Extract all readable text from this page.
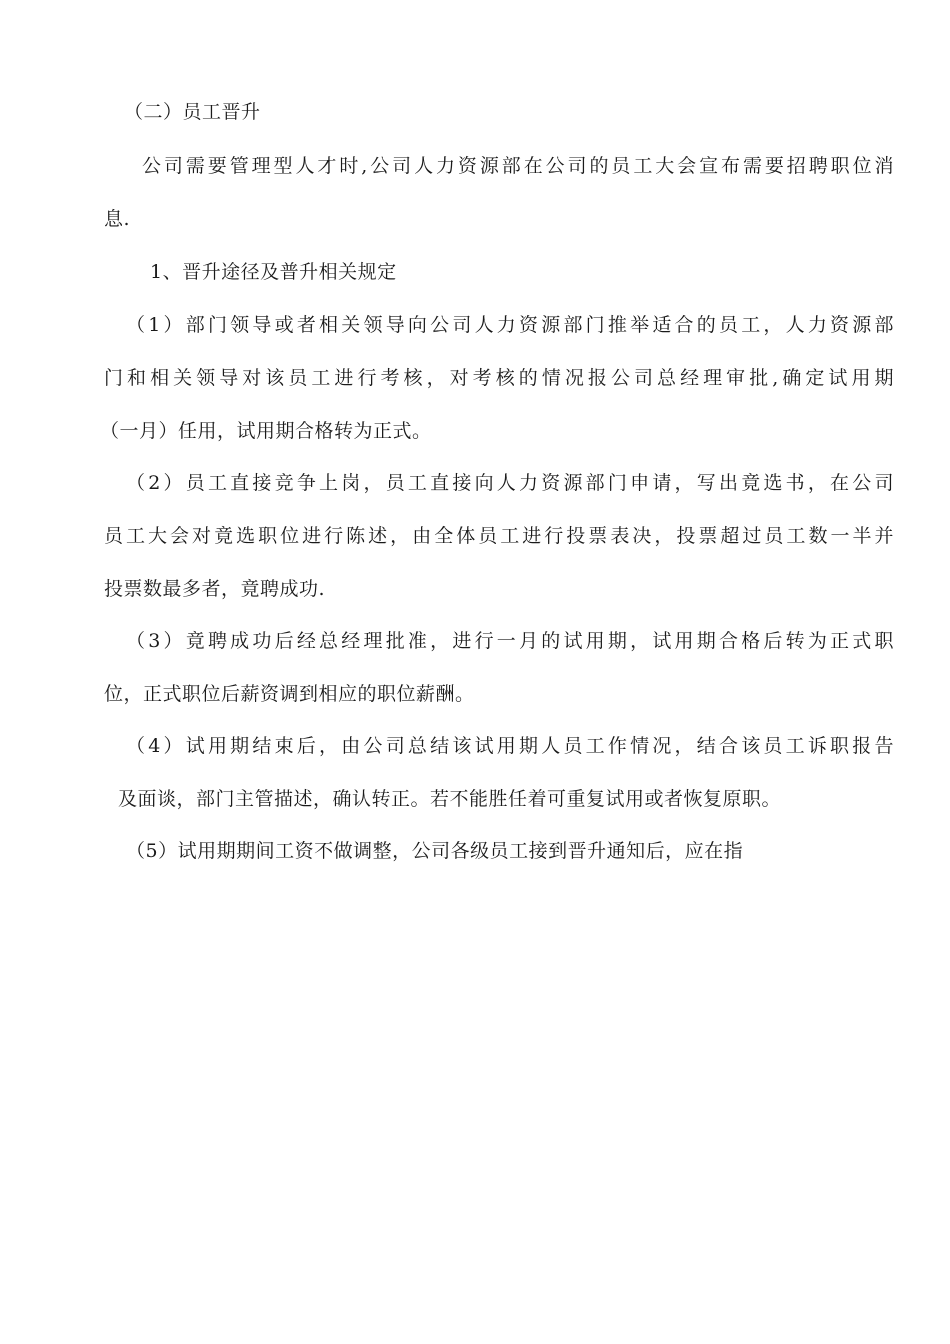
（二）员工晋升

公司需要管理型人才时,公司人力资源部在公司的员工大会宣布需要招聘职位消
息.

1、晋升途径及普升相关规定

（1）部门领导或者相关领导向公司人力资源部门推举适合的员工，人力资源部
门和相关领导对该员工进行考核，对考核的情况报公司总经理审批,确定试用期
（一月）任用，试用期合格转为正式。

（2）员工直接竞争上岗，员工直接向人力资源部门申请，写出竟选书，在公司
员工大会对竟选职位进行陈述，由全体员工进行投票表决，投票超过员工数一半并
投票数最多者，竟聘成功.

（3）竟聘成功后经总经理批准，进行一月的试用期，试用期合格后转为正式职
位，正式职位后薪资调到相应的职位薪酬。

（4）试用期结束后，由公司总结该试用期人员工作情况，结合该员工诉职报告
及面谈，部门主管描述，确认转正。若不能胜任着可重复试用或者恢复原职。

（5）试用期期间工资不做调整，公司各级员工接到晋升通知后，应在指
